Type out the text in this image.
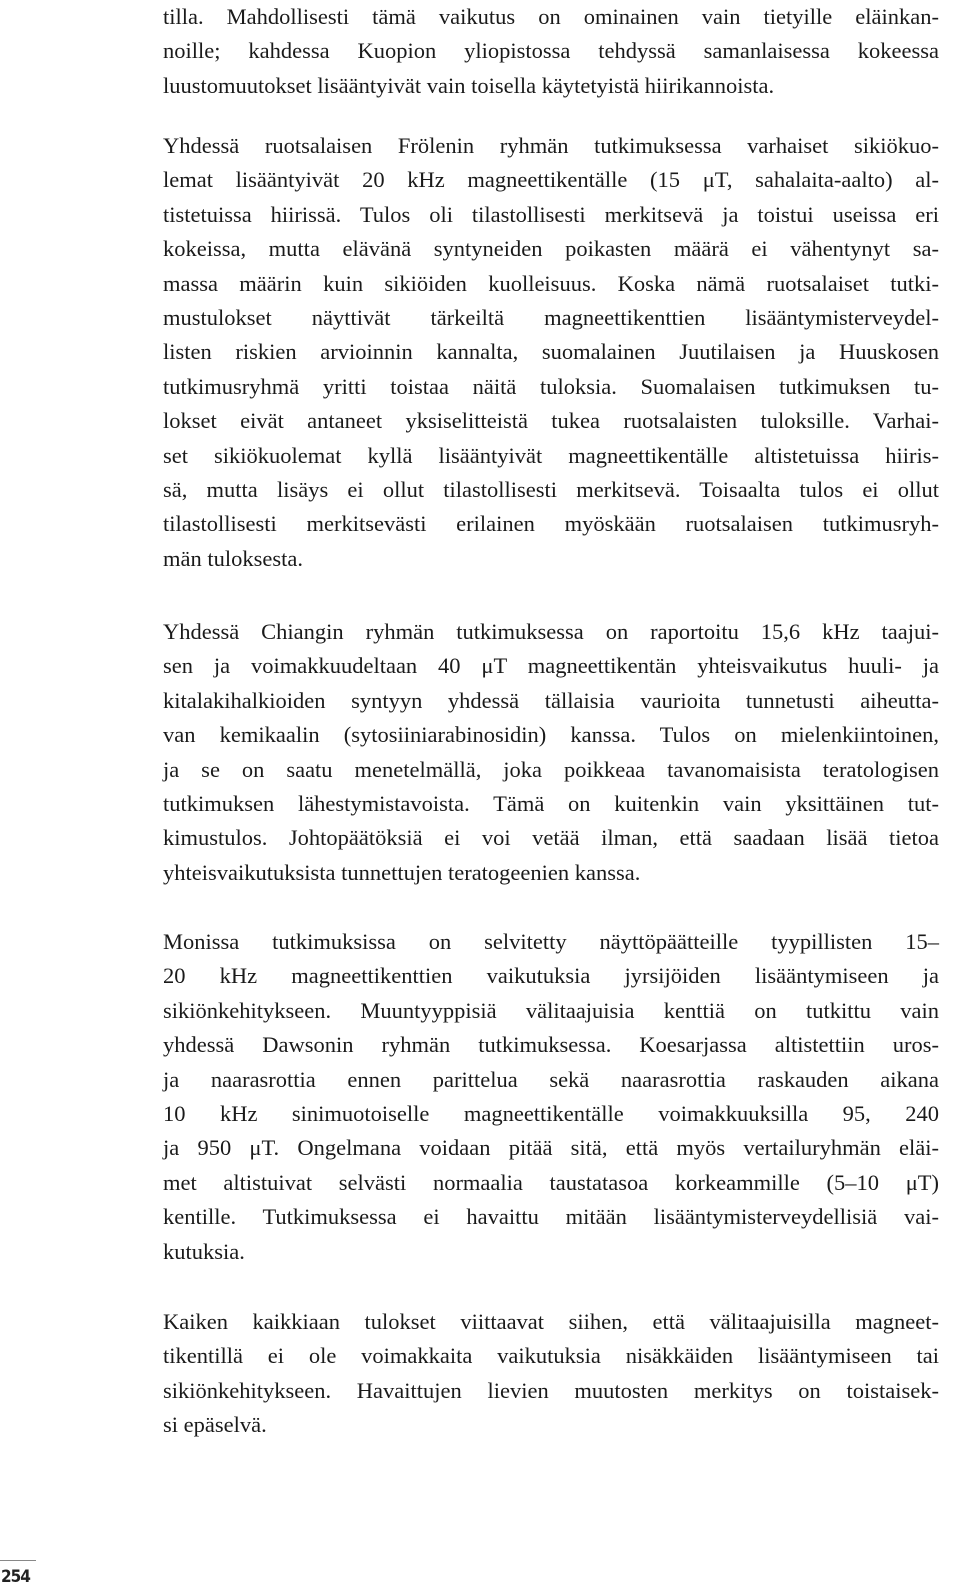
tilla. Mahdollisesti tämä vaikutus on ominainen vain tietyille eläinkan-
noille; kahdessa Kuopion yliopistossa tehdyssä samanlaisessa kokeessa
luustomuutokset lisääntyivät vain toisella käytetyistä hiirikannoista.
Yhdessä ruotsalaisen Frölenin ryhmän tutkimuksessa varhaiset sikiökuo-
lemat lisääntyivät 20 kHz magneettikentälle (15 μT, sahalaita-aalto) al-
tistetuissa hiirissä. Tulos oli tilastollisesti merkitsevä ja toistui useissa eri
kokeissa, mutta elävänä syntyneiden poikasten määrä ei vähentynyt sa-
massa määrin kuin sikiöiden kuolleisuus. Koska nämä ruotsalaiset tutki-
mustulokset näyttivät tärkeiltä magneettikenttien lisääntymisterveydel-
listen riskien arvioinnin kannalta, suomalainen Juutilaisen ja Huuskosen
tutkimusryhmä yritti toistaa näitä tuloksia. Suomalaisen tutkimuksen tu-
lokset eivät antaneet yksiselitteistä tukea ruotsalaisten tuloksille. Varhai-
set sikiökuolemat kyllä lisääntyivät magneettikentälle altistetuissa hiiris-
sä, mutta lisäys ei ollut tilastollisesti merkitsevä. Toisaalta tulos ei ollut
tilastollisesti merkitsevästi erilainen myöskään ruotsalaisen tutkimusryh-
män tuloksesta.
Yhdessä Chiangin ryhmän tutkimuksessa on raportoitu 15,6 kHz taajui-
sen ja voimakkuudeltaan 40 μT magneettikentän yhteisvaikutus huuli- ja
kitalakihalkioiden syntyyn yhdessä tällaisia vaurioita tunnetusti aiheutta-
van kemikaalin (sytosiiniarabinosidin) kanssa. Tulos on mielenkiintoinen,
ja se on saatu menetelmällä, joka poikkeaa tavanomaisista teratologisen
tutkimuksen lähestymistavoista. Tämä on kuitenkin vain yksittäinen tut-
kimustulos. Johtopäätöksiä ei voi vetää ilman, että saadaan lisää tietoa
yhteisvaikutuksista tunnettujen teratogeenien kanssa.
Monissa tutkimuksissa on selvitetty näyttöpäätteille tyypillisten 15–
20 kHz magneettikenttien vaikutuksia jyrsijöiden lisääntymiseen ja
sikiönkehitykseen. Muuntyyppisiä välitaajuisia kenttiä on tutkittu vain
yhdessä Dawsonin ryhmän tutkimuksessa. Koesarjassa altistettiin uros-
ja naarasrottia ennen parittelua sekä naarasrottia raskauden aikana
10 kHz sinimuotoiselle magneettikentälle voimakkuuksilla 95, 240
ja 950 μT. Ongelmana voidaan pitää sitä, että myös vertailuryhmän eläi-
met altistuivat selvästi normaalia taustatasoa korkeammille (5–10 μT)
kentille. Tutkimuksessa ei havaittu mitään lisääntymisterveydellisiä vai-
kutuksia.
Kaiken kaikkiaan tulokset viittaavat siihen, että välitaajuisilla magneet-
tikentillä ei ole voimakkaita vaikutuksia nisäkkäiden lisääntymiseen tai
sikiönkehitykseen. Havaittujen lievien muutosten merkitys on toistaisek-
si epäselvä.
254
